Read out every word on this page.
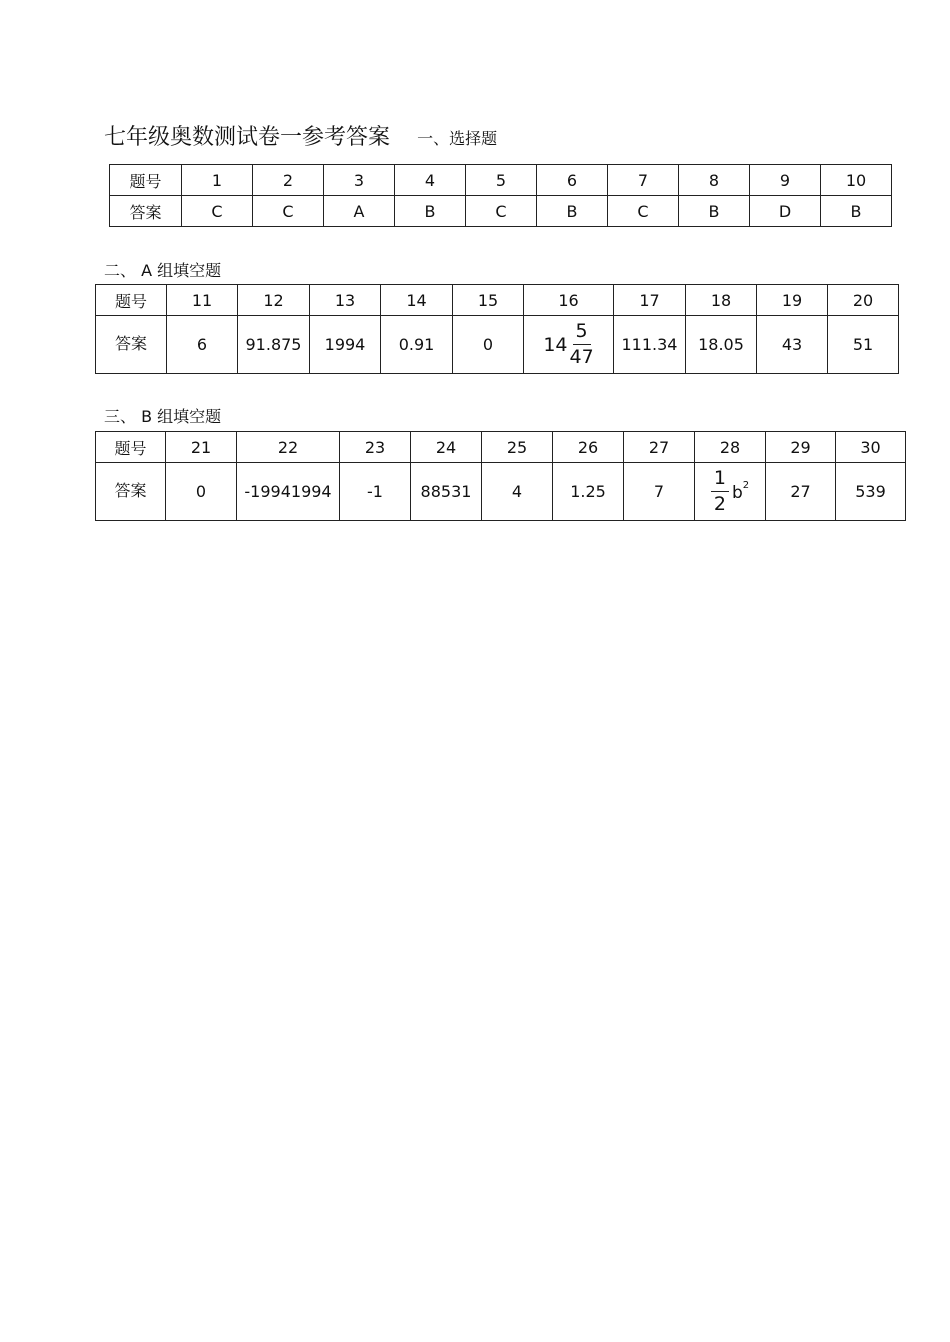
七年级奥数测试卷一参考答案 一、选择题
题号	1	2	3	4	5	6	7	8	9	10
答案	C	C	A	B	C	B	C	B	D	B
二、 A 组填空题
题号	11	12	13	14	15	16	17	18	19	20
答案	6	91.875	1994	0.91	0	$14 \frac{5}{47}$	111.34	18.05	43	51
三、 B 组填空题
题号	21	22	23	24	25	26	27	28	29	30
答案	0	-19941994	-1	88531	4	1.25	7	$\frac{1}{2} b^2$	27	539
